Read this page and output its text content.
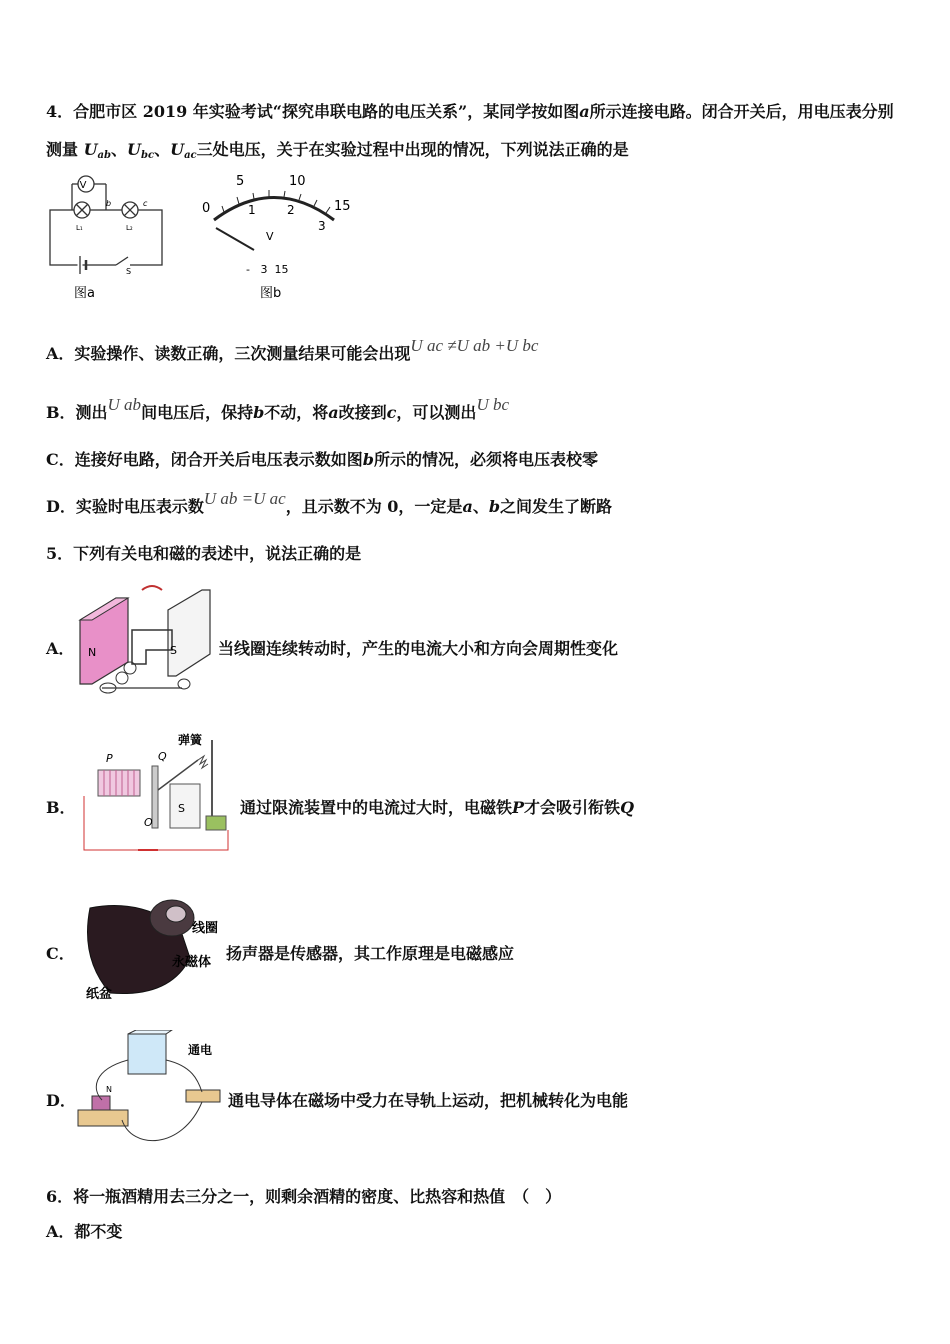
4．合肥市区 2019 年实验考试“探究串联电路的电压关系”，某同学按如图a所示连接电路。闭合开关后，用电压表分别
测量 $U_{ab}$、$U_{bc}$、$U_{ac}$三处电压，关于在实验过程中出现的情况，下列说法正确的是
V
b	c
L₁	L₂
S
图a
5	10
0	15
1	2
3
V
-   3  15
图b
A．实验操作、读数正确，三次测量结果可能会出现U ac ≠U ab +U bc
B．测出U ab间电压后，保持b不动，将a改接到c，可以测出U bc
C．连接好电路，闭合开关后电压表示数如图b所示的情况，必须将电压表校零
D．实验时电压表示数U ab =U ac，且示数不为 0，一定是a、b之间发生了断路
5．下列有关电和磁的表述中，说法正确的是
A． N	S	当线圈连续转动时，产生的电流大小和方向会周期性变化
B．
弹簧
P	Q
S
O
通过限流装置中的电流过大时，电磁铁P才会吸引衔铁Q
C．
线圈
永磁体
纸盆
扬声器是传感器，其工作原理是电磁感应
D．
通电
N
通电导体在磁场中受力在导轨上运动，把机械转化为电能
6．将一瓶酒精用去三分之一，则剩余酒精的密度、比热容和热值　（　）
A．都不变
